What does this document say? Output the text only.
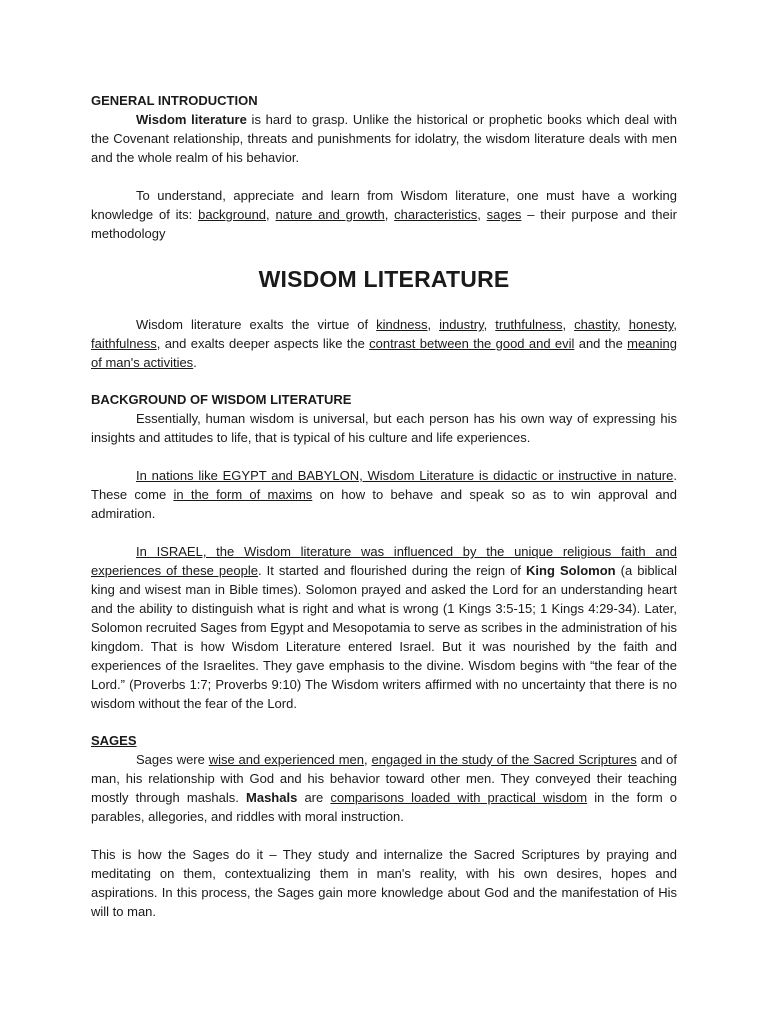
GENERAL INTRODUCTION

Wisdom literature is hard to grasp. Unlike the historical or prophetic books which deal with the Covenant relationship, threats and punishments for idolatry, the wisdom literature deals with men and the whole realm of his behavior.

To understand, appreciate and learn from Wisdom literature, one must have a working knowledge of its: background, nature and growth, characteristics, sages – their purpose and their methodology

WISDOM LITERATURE

Wisdom literature exalts the virtue of kindness, industry, truthfulness, chastity, honesty, faithfulness, and exalts deeper aspects like the contrast between the good and evil and the meaning of man's activities.

BACKGROUND OF WISDOM LITERATURE

Essentially, human wisdom is universal, but each person has his own way of expressing his insights and attitudes to life, that is typical of his culture and life experiences.

In nations like EGYPT and BABYLON, Wisdom Literature is didactic or instructive in nature. These come in the form of maxims on how to behave and speak so as to win approval and admiration.

In ISRAEL, the Wisdom literature was influenced by the unique religious faith and experiences of these people. It started and flourished during the reign of King Solomon (a biblical king and wisest man in Bible times). Solomon prayed and asked the Lord for an understanding heart and the ability to distinguish what is right and what is wrong (1 Kings 3:5-15; 1 Kings 4:29-34). Later, Solomon recruited Sages from Egypt and Mesopotamia to serve as scribes in the administration of his kingdom. That is how Wisdom Literature entered Israel. But it was nourished by the faith and experiences of the Israelites. They gave emphasis to the divine. Wisdom begins with “the fear of the Lord.” (Proverbs 1:7; Proverbs 9:10) The Wisdom writers affirmed with no uncertainty that there is no wisdom without the fear of the Lord.

SAGES

Sages were wise and experienced men, engaged in the study of the Sacred Scriptures and of man, his relationship with God and his behavior toward other men. They conveyed their teaching mostly through mashals. Mashals are comparisons loaded with practical wisdom in the form o parables, allegories, and riddles with moral instruction.

This is how the Sages do it – They study and internalize the Sacred Scriptures by praying and meditating on them, contextualizing them in man's reality, with his own desires, hopes and aspirations. In this process, the Sages gain more knowledge about God and the manifestation of His will to man.
